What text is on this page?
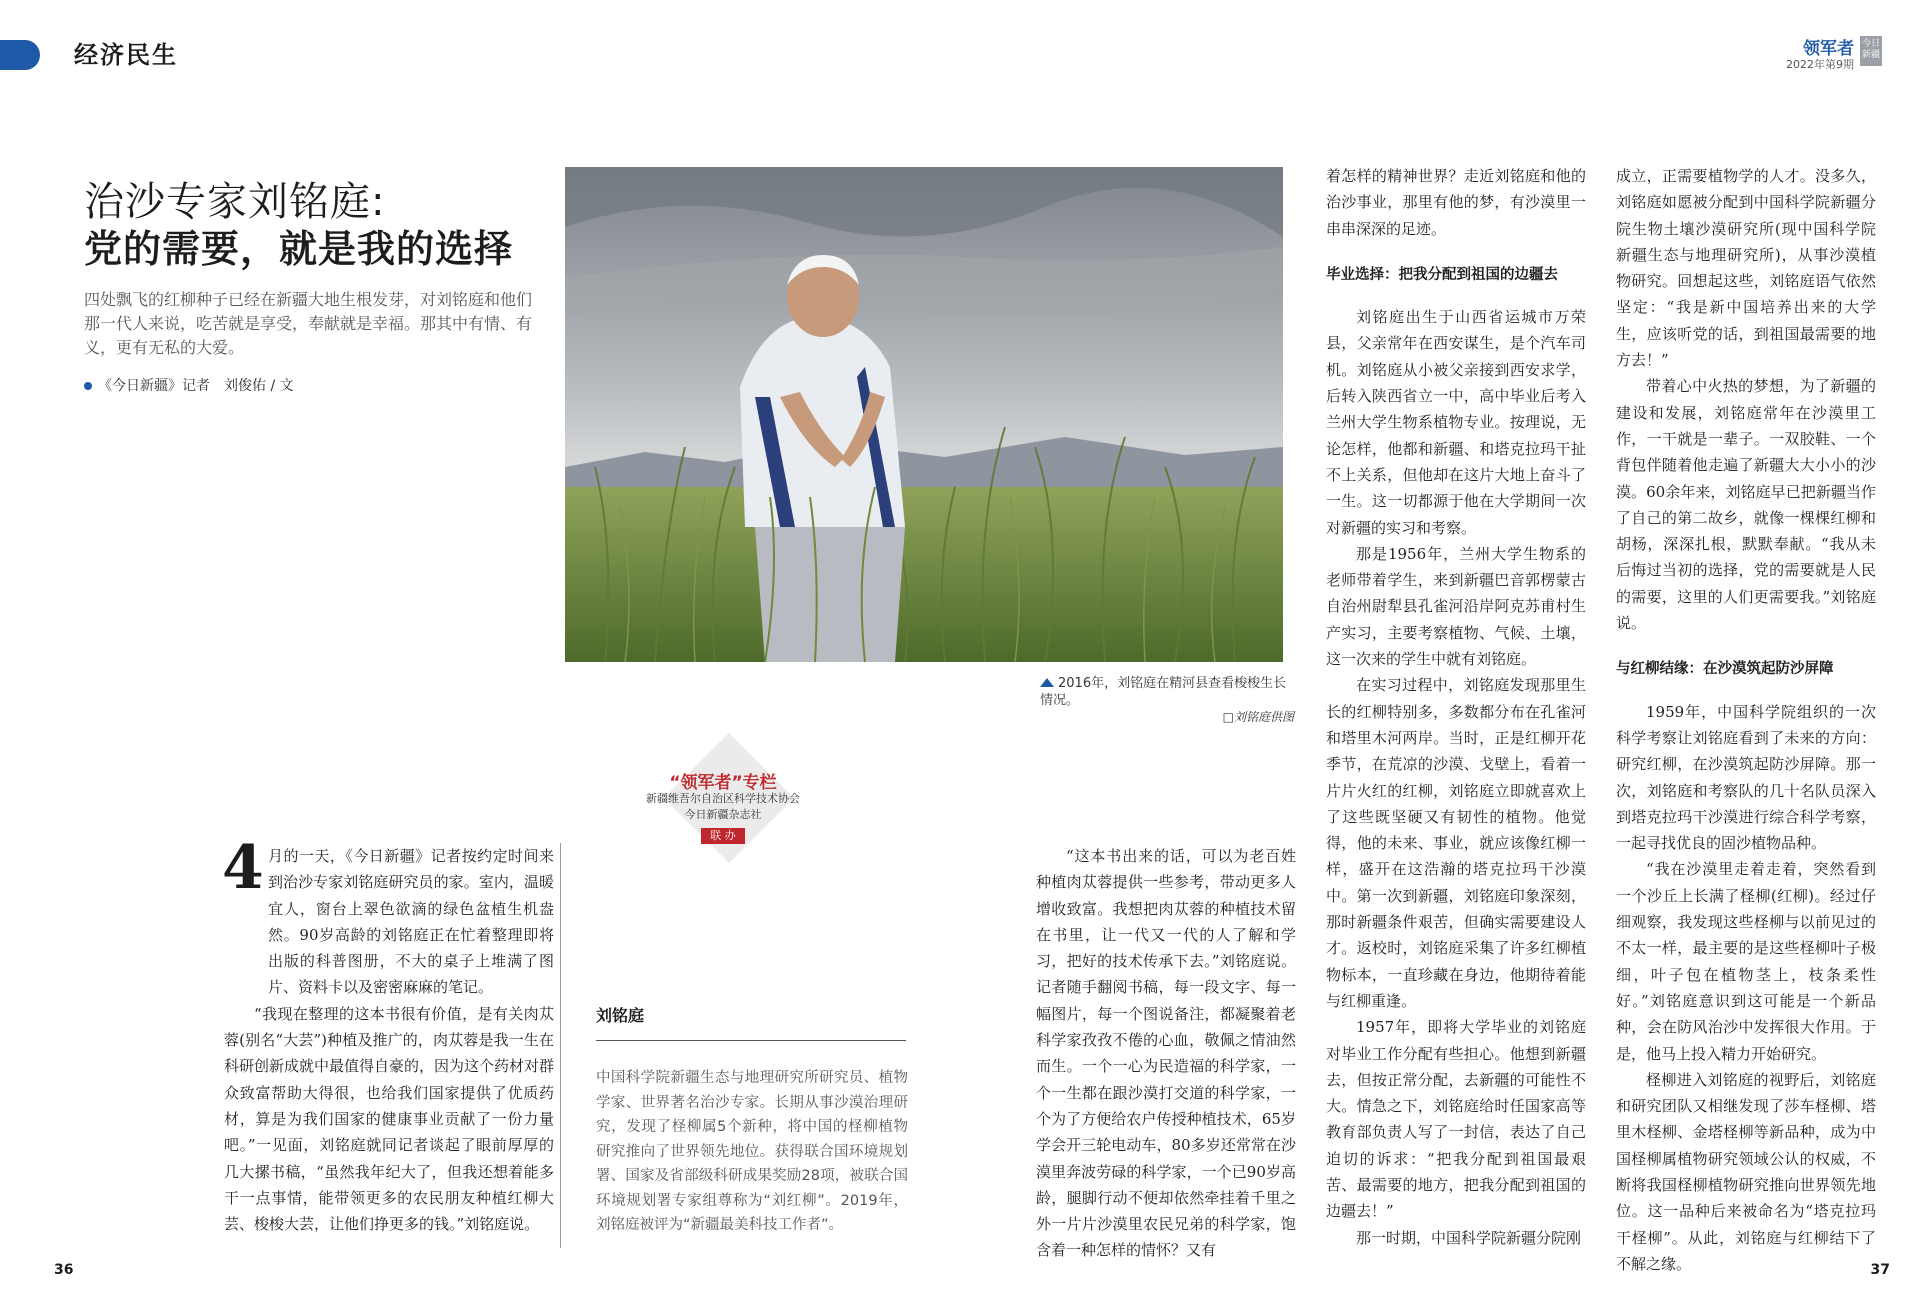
经济民生	领军者
2022年第9期
今日新疆
治沙专家刘铭庭:
党的需要，就是我的选择
四处飘飞的红柳种子已经在新疆大地生根发芽，对刘铭庭和他们那一代人来说，吃苦就是享受，奉献就是幸福。那其中有情、有义，更有无私的大爱。
《今日新疆》记者　刘俊佑 / 文
2016年，刘铭庭在精河县查看梭梭生长情况。
□刘铭庭供图
“领军者”专栏
新疆维吾尔自治区科学技术协会
今日新疆杂志社
联 办
4 月的一天，《今日新疆》记者按约定时间来到治沙专家刘铭庭研究员的家。室内，温暖宜人，窗台上翠色欲滴的绿色盆植生机盎然。90岁高龄的刘铭庭正在忙着整理即将出版的科普图册，不大的桌子上堆满了图片、资料卡以及密密麻麻的笔记。

“我现在整理的这本书很有价值，是有关肉苁蓉(别名“大芸”)种植及推广的，肉苁蓉是我一生在科研创新成就中最值得自豪的，因为这个药材对群众致富帮助大得很，也给我们国家提供了优质药材，算是为我们国家的健康事业贡献了一份力量吧。”一见面，刘铭庭就同记者谈起了眼前厚厚的几大摞书稿，“虽然我年纪大了，但我还想着能多干一点事情，能带领更多的农民朋友种植红柳大芸、梭梭大芸，让他们挣更多的钱。”刘铭庭说。

刘铭庭
中国科学院新疆生态与地理研究所研究员、植物学家、世界著名治沙专家。长期从事沙漠治理研究，发现了柽柳属5个新种，将中国的柽柳植物研究推向了世界领先地位。获得联合国环境规划署、国家及省部级科研成果奖励28项，被联合国环境规划署专家组尊称为“刘红柳”。2019年，刘铭庭被评为“新疆最美科技工作者”。

“这本书出来的话，可以为老百姓种植肉苁蓉提供一些参考，带动更多人增收致富。我想把肉苁蓉的种植技术留在书里，让一代又一代的人了解和学习，把好的技术传承下去。”刘铭庭说。记者随手翻阅书稿，每一段文字、每一幅图片，每一个图说备注，都凝聚着老科学家孜孜不倦的心血，敬佩之情油然而生。一个一心为民造福的科学家，一个一生都在跟沙漠打交道的科学家，一个为了方便给农户传授种植技术，65岁学会开三轮电动车，80多岁还常常在沙漠里奔波劳碌的科学家，一个已90岁高龄，腿脚行动不便却依然牵挂着千里之外一片片沙漠里农民兄弟的科学家，饱含着一种怎样的情怀？又有

着怎样的精神世界？走近刘铭庭和他的治沙事业，那里有他的梦，有沙漠里一串串深深的足迹。

毕业选择：把我分配到祖国的边疆去

刘铭庭出生于山西省运城市万荣县，父亲常年在西安谋生，是个汽车司机。刘铭庭从小被父亲接到西安求学，后转入陕西省立一中，高中毕业后考入兰州大学生物系植物专业。按理说，无论怎样，他都和新疆、和塔克拉玛干扯不上关系，但他却在这片大地上奋斗了一生。这一切都源于他在大学期间一次对新疆的实习和考察。

那是1956年，兰州大学生物系的老师带着学生，来到新疆巴音郭楞蒙古自治州尉犁县孔雀河沿岸阿克苏甫村生产实习，主要考察植物、气候、土壤，这一次来的学生中就有刘铭庭。

在实习过程中，刘铭庭发现那里生长的红柳特别多，多数都分布在孔雀河和塔里木河两岸。当时，正是红柳开花季节，在荒凉的沙漠、戈壁上，看着一片片火红的红柳，刘铭庭立即就喜欢上了这些既坚硬又有韧性的植物。他觉得，他的未来、事业，就应该像红柳一样，盛开在这浩瀚的塔克拉玛干沙漠中。第一次到新疆，刘铭庭印象深刻，那时新疆条件艰苦，但确实需要建设人才。返校时，刘铭庭采集了许多红柳植物标本，一直珍藏在身边，他期待着能与红柳重逢。

1957年，即将大学毕业的刘铭庭对毕业工作分配有些担心。他想到新疆去，但按正常分配，去新疆的可能性不大。情急之下，刘铭庭给时任国家高等教育部负责人写了一封信，表达了自己迫切的诉求：“把我分配到祖国最艰苦、最需要的地方，把我分配到祖国的边疆去！”

那一时期，中国科学院新疆分院刚

成立，正需要植物学的人才。没多久，刘铭庭如愿被分配到中国科学院新疆分院生物土壤沙漠研究所(现中国科学院新疆生态与地理研究所)，从事沙漠植物研究。回想起这些，刘铭庭语气依然坚定：“我是新中国培养出来的大学生，应该听党的话，到祖国最需要的地方去！”

带着心中火热的梦想，为了新疆的建设和发展，刘铭庭常年在沙漠里工作，一干就是一辈子。一双胶鞋、一个背包伴随着他走遍了新疆大大小小的沙漠。60余年来，刘铭庭早已把新疆当作了自己的第二故乡，就像一棵棵红柳和胡杨，深深扎根，默默奉献。“我从未后悔过当初的选择，党的需要就是人民的需要，这里的人们更需要我。”刘铭庭说。

与红柳结缘：在沙漠筑起防沙屏障

1959年，中国科学院组织的一次科学考察让刘铭庭看到了未来的方向：研究红柳，在沙漠筑起防沙屏障。那一次，刘铭庭和考察队的几十名队员深入到塔克拉玛干沙漠进行综合科学考察，一起寻找优良的固沙植物品种。

“我在沙漠里走着走着，突然看到一个沙丘上长满了柽柳(红柳)。经过仔细观察，我发现这些柽柳与以前见过的不太一样，最主要的是这些柽柳叶子极细，叶子包在植物茎上，枝条柔性好。”刘铭庭意识到这可能是一个新品种，会在防风治沙中发挥很大作用。于是，他马上投入精力开始研究。

柽柳进入刘铭庭的视野后，刘铭庭和研究团队又相继发现了莎车柽柳、塔里木柽柳、金塔柽柳等新品种，成为中国柽柳属植物研究领域公认的权威，不断将我国柽柳植物研究推向世界领先地位。这一品种后来被命名为“塔克拉玛干柽柳”。从此，刘铭庭与红柳结下了不解之缘。

36	37
